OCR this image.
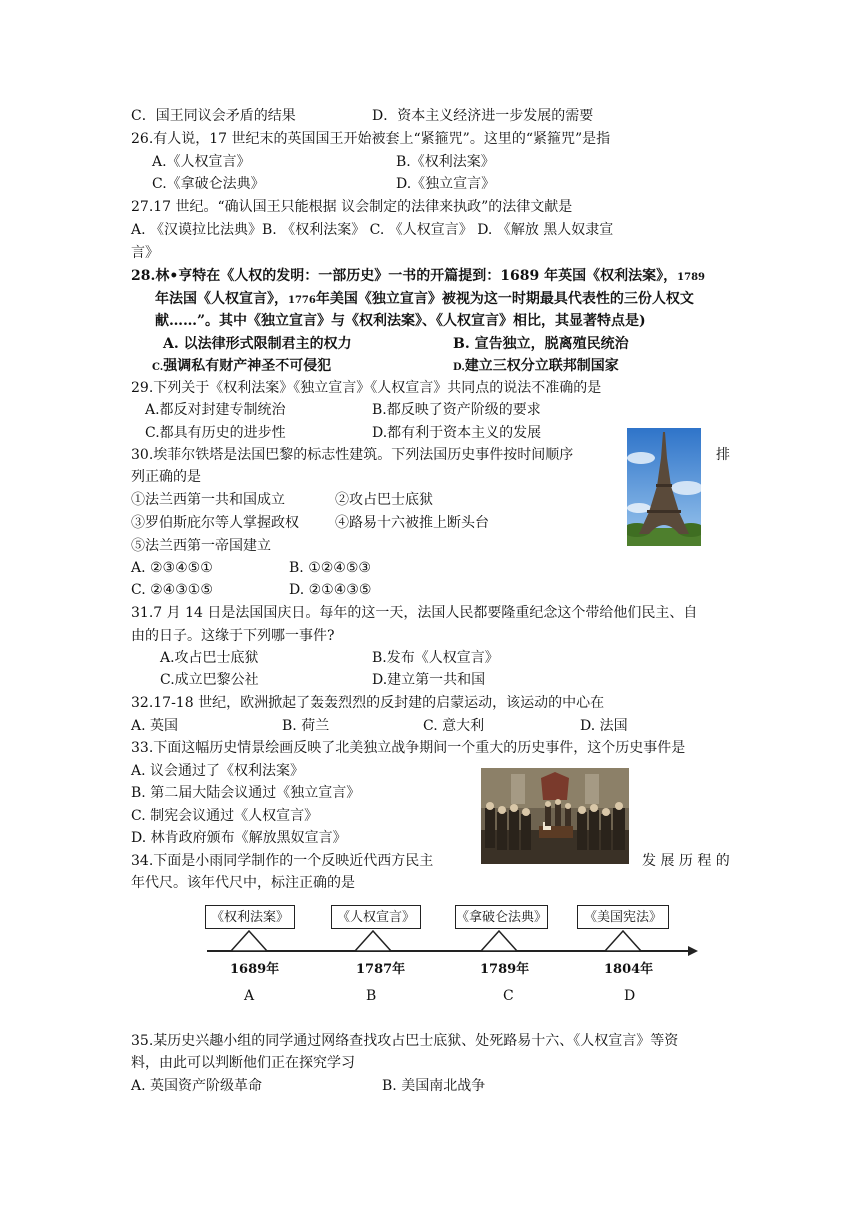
C．国王同议会矛盾的结果	D．资本主义经济进一步发展的需要
26.有人说，17 世纪末的英国国王开始被套上“紧箍咒”。这里的“紧箍咒”是指
A.《人权宣言》	B.《权利法案》
C.《拿破仑法典》	D.《独立宣言》
27.17 世纪。“确认国王只能根据 议会制定的法律来执政”的法律文献是
A. 《汉谟拉比法典》B. 《权利法案》 C. 《人权宣言》 D. 《解放 黑人奴隶宣
言》
28.林•亨特在《人权的发明：一部历史》一书的开篇提到：1689 年英国《权利法案》，1789
年法国《人权宣言》，1776年美国《独立宣言》被视为这一时期最具代表性的三份人权文
献……”。其中《独立宣言》与《权利法案》、《人权宣言》相比，其显著特点是)
A. 以法律形式限制君主的权力	B. 宣告独立，脱离殖民统治
C.强调私有财产神圣不可侵犯	D.建立三权分立联邦制国家
29.下列关于《权利法案》《独立宣言》《人权宣言》共同点的说法不准确的是
A.都反对封建专制统治	B.都反映了资产阶级的要求
C.都具有历史的进步性	D.都有利于资本主义的发展
30.埃菲尔铁塔是法国巴黎的标志性建筑。下列法国历史事件按时间顺序	排
列正确的是
①法兰西第一共和国成立	②攻占巴士底狱
③罗伯斯庇尔等人掌握政权	④路易十六被推上断头台
⑤法兰西第一帝国建立
A. ②③④⑤①	B. ①②④⑤③
C. ②④③①⑤	D. ②①④③⑤
31.7 月 14 日是法国国庆日。每年的这一天，法国人民都要隆重纪念这个带给他们民主、自
由的日子。这缘于下列哪一事件?
A.攻占巴士底狱	B.发布《人权宣言》
C.成立巴黎公社	D.建立第一共和国
32.17-18 世纪，欧洲掀起了轰轰烈烈的反封建的启蒙运动，该运动的中心在
A. 英国	B. 荷兰	C. 意大利	D. 法国
33.下面这幅历史情景绘画反映了北美独立战争期间一个重大的历史事件，这个历史事件是
A. 议会通过了《权利法案》
B. 第二届大陆会议通过《独立宣言》
C. 制宪会议通过《人权宣言》
D. 林肯政府颁布《解放黑奴宣言》
34.下面是小雨同学制作的一个反映近代西方民主	发 展 历 程 的
年代尺。该年代尺中，标注正确的是
《权利法案》	《人权宣言》	《拿破仑法典》	《美国宪法》
1689年	1787年	1789年	1804年
A	B	C	D
35.某历史兴趣小组的同学通过网络查找攻占巴士底狱、处死路易十六、《人权宣言》等资
料，由此可以判断他们正在探究学习
A. 英国资产阶级革命	B. 美国南北战争
